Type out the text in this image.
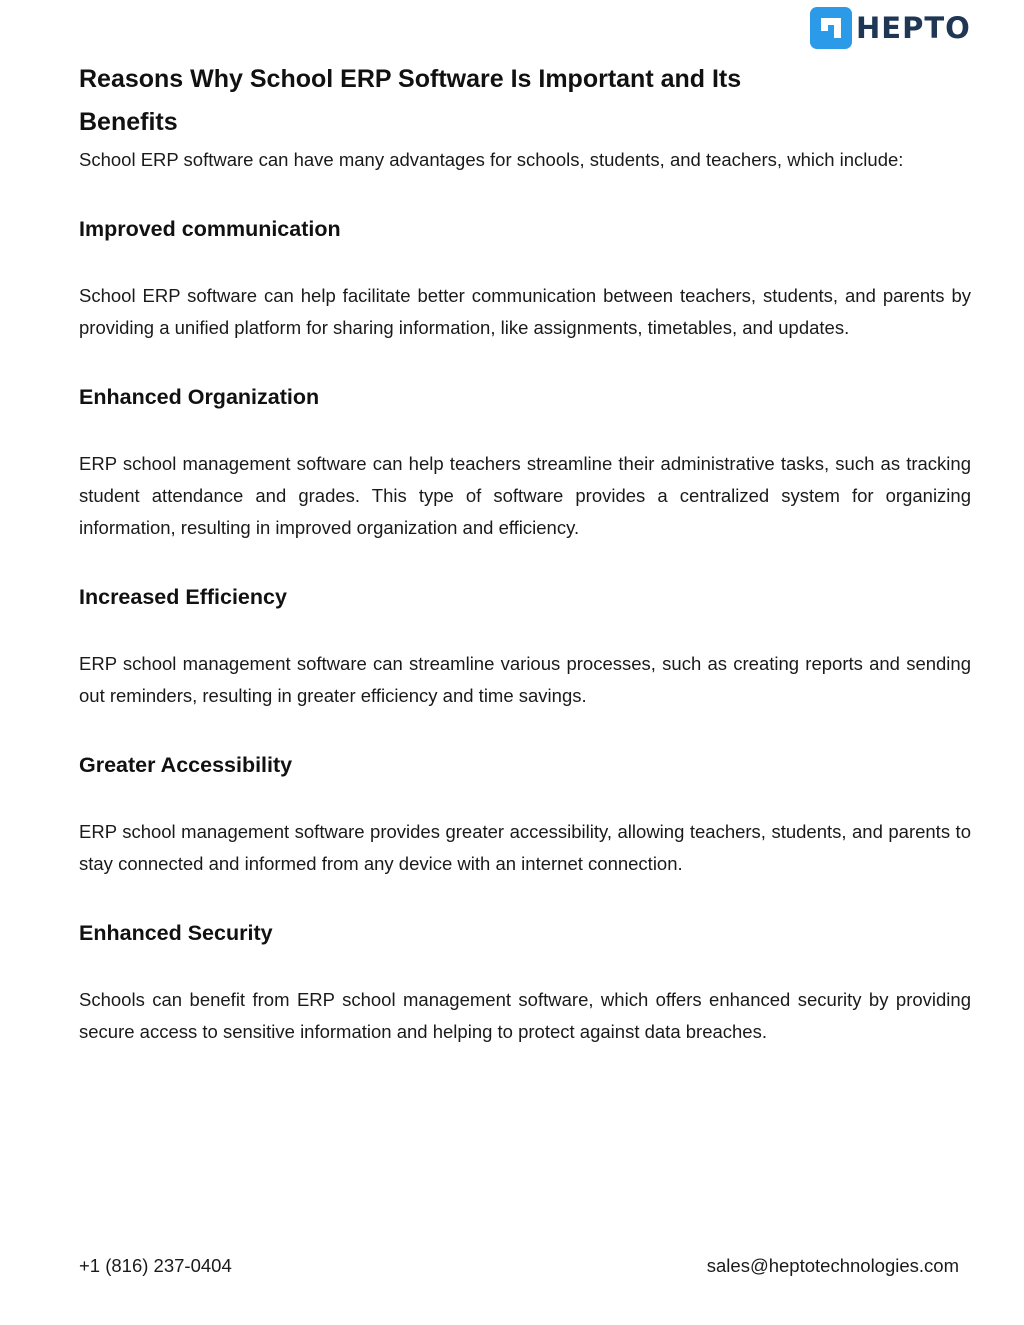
HEPTO
Reasons Why School ERP Software Is Important and Its Benefits

School ERP software can have many advantages for schools, students, and teachers, which include:

Improved communication

School ERP software can help facilitate better communication between teachers, students, and parents by providing a unified platform for sharing information, like assignments, timetables, and updates.

Enhanced Organization

ERP school management software can help teachers streamline their administrative tasks, such as tracking student attendance and grades. This type of software provides a centralized system for organizing information, resulting in improved organization and efficiency.

Increased Efficiency

ERP school management software can streamline various processes, such as creating reports and sending out reminders, resulting in greater efficiency and time savings.

Greater Accessibility

ERP school management software provides greater accessibility, allowing teachers, students, and parents to stay connected and informed from any device with an internet connection.

Enhanced Security

Schools can benefit from ERP school management software, which offers enhanced security by providing secure access to sensitive information and helping to protect against data breaches.

+1 (816) 237-0404	sales@heptotechnologies.com
